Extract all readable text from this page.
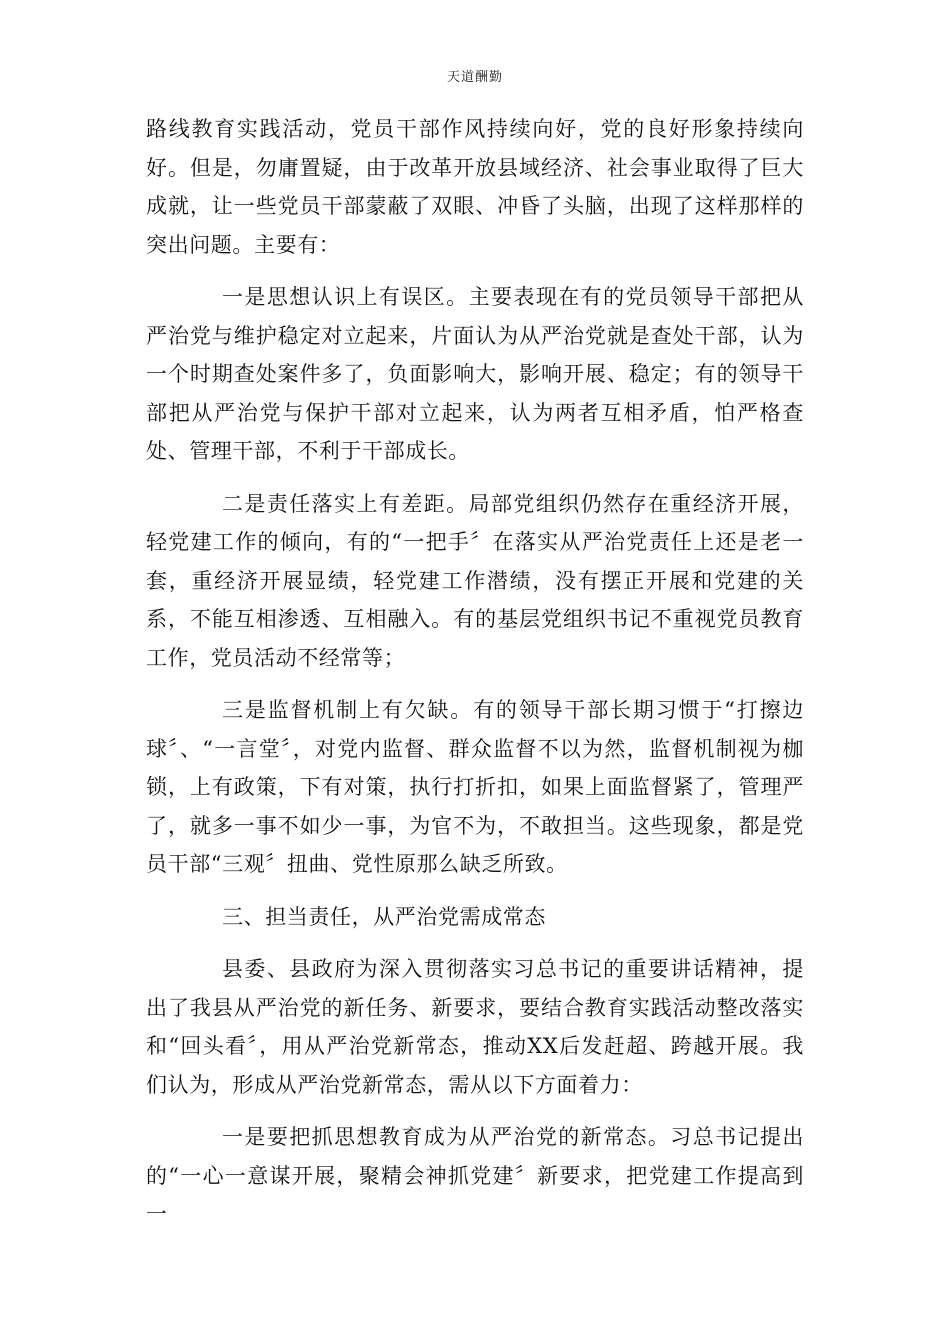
天道酬勤

路线教育实践活动，党员干部作风持续向好，党的良好形象持续向好。但是，勿庸置疑，由于改革开放县域经济、社会事业取得了巨大成就，让一些党员干部蒙蔽了双眼、冲昏了头脑，出现了这样那样的突出问题。主要有：

一是思想认识上有误区。主要表现在有的党员领导干部把从严治党与维护稳定对立起来，片面认为从严治党就是查处干部，认为一个时期查处案件多了，负面影响大，影响开展、稳定；有的领导干部把从严治党与保护干部对立起来，认为两者互相矛盾，怕严格查处、管理干部，不利于干部成长。

二是责任落实上有差距。局部党组织仍然存在重经济开展，轻党建工作的倾向，有的“一把手〞在落实从严治党责任上还是老一套，重经济开展显绩，轻党建工作潜绩，没有摆正开展和党建的关系，不能互相渗透、互相融入。有的基层党组织书记不重视党员教育工作，党员活动不经常等；

三是监督机制上有欠缺。有的领导干部长期习惯于“打擦边球〞、“一言堂〞，对党内监督、群众监督不以为然，监督机制视为枷锁，上有政策，下有对策，执行打折扣，如果上面监督紧了，管理严了，就多一事不如少一事，为官不为，不敢担当。这些现象，都是党员干部“三观〞扭曲、党性原那么缺乏所致。

三、担当责任，从严治党需成常态

县委、县政府为深入贯彻落实习总书记的重要讲话精神，提出了我县从严治党的新任务、新要求，要结合教育实践活动整改落实和“回头看〞，用从严治党新常态，推动XX后发赶超、跨越开展。我们认为，形成从严治党新常态，需从以下方面着力：

一是要把抓思想教育成为从严治党的新常态。习总书记提出的“一心一意谋开展，聚精会神抓党建〞新要求，把党建工作提高到一
